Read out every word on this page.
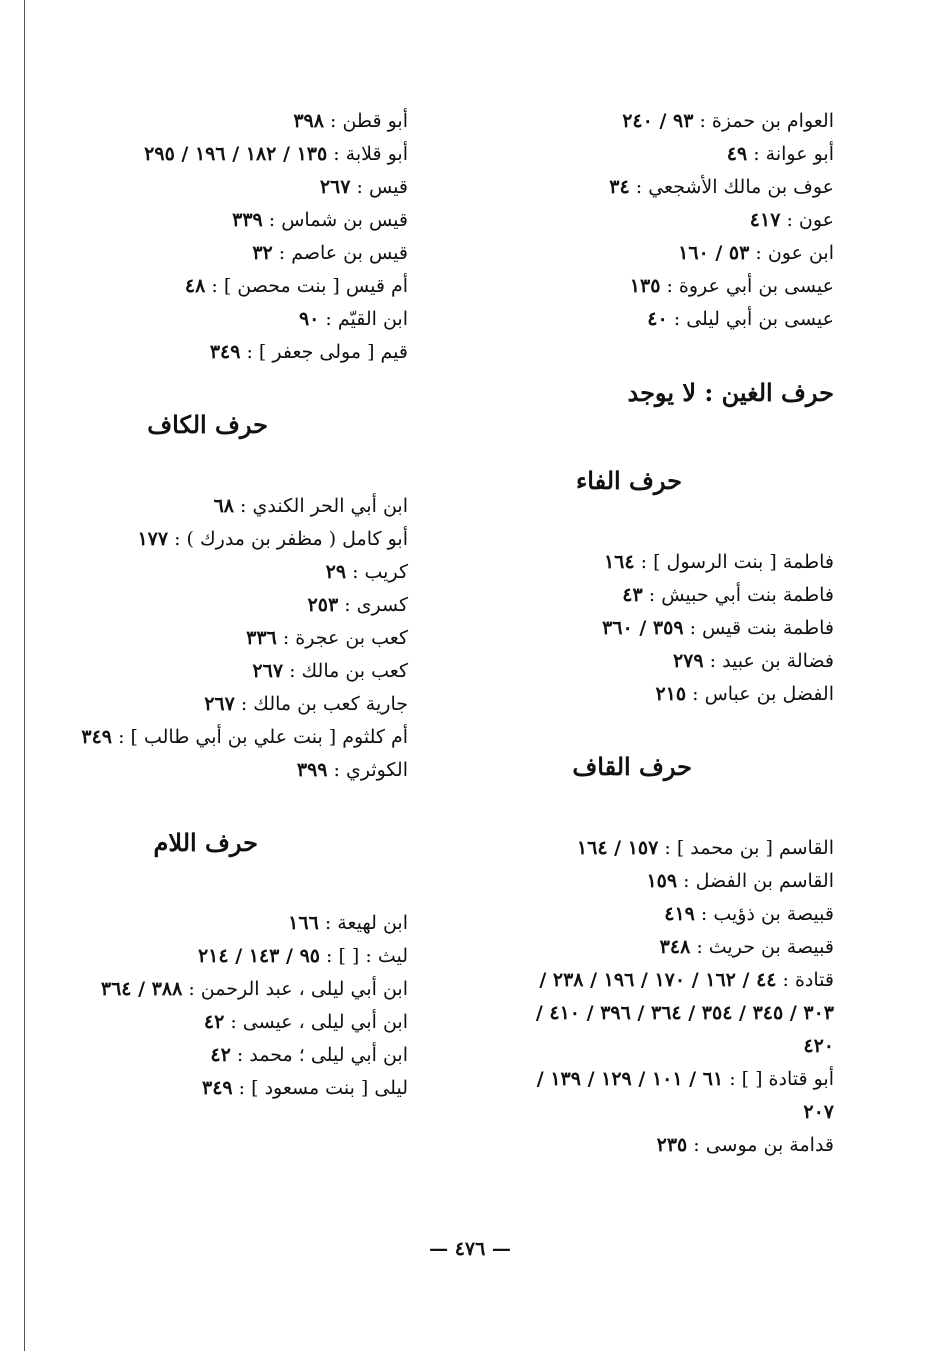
العوام بن حمزة : ٩٣ / ٢٤٠
أبو عوانة : ٤٩
عوف بن مالك الأشجعي : ٣٤
عون : ٤١٧
ابن عون : ٥٣ / ١٦٠
عيسى بن أبي عروة : ١٣٥
عيسى بن أبي ليلى : ٤٠
حرف الغين : لا يوجد
حرف الفاء
فاطمة [ بنت الرسول ] : ١٦٤
فاطمة بنت أبي حبيش : ٤٣
فاطمة بنت قيس : ٣٥٩ / ٣٦٠
فضالة بن عبيد : ٢٧٩
الفضل بن عباس : ٢١٥
حرف القاف
القاسم [ بن محمد ] : ١٥٧ / ١٦٤
القاسم بن الفضل : ١٥٩
قبيصة بن ذؤيب : ٤١٩
قبيصة بن حريث : ٣٤٨
قتادة : ٤٤ / ١٦٢ / ١٧٠ / ١٩٦ / ٢٣٨ /
٣٠٣ / ٣٤٥ / ٣٥٤ / ٣٦٤ / ٣٩٦ / ٤١٠ /
٤٢٠
أبو قتادة [ ] : ٦١ / ١٠١ / ١٢٩ / ١٣٩ /
٢٠٧
قدامة بن موسى : ٢٣٥
أبو قطن : ٣٩٨
أبو قلابة : ١٣٥ / ١٨٢ / ١٩٦ / ٢٩٥
قيس : ٢٦٧
قيس بن شماس : ٣٣٩
قيس بن عاصم : ٣٢
أم قيس [ بنت محصن ] : ٤٨
ابن القيّم : ٩٠
قيم [ مولى جعفر ] : ٣٤٩
حرف الكاف
ابن أبي الحر الكندي : ٦٨
أبو كامل ( مظفر بن مدرك ) : ١٧٧
كريب : ٢٩
كسرى : ٢٥٣
كعب بن عجرة : ٣٣٦
كعب بن مالك : ٢٦٧
جارية كعب بن مالك : ٢٦٧
أم كلثوم [ بنت علي بن أبي طالب ] : ٣٤٩
الكوثري : ٣٩٩
حرف اللام
ابن لهيعة : ١٦٦
ليث : [ ] : ٩٥ / ١٤٣ / ٢١٤
ابن أبي ليلى ، عبد الرحمن : ٣٨٨ / ٣٦٤
ابن أبي ليلى ، عيسى : ٤٢
ابن أبي ليلى ؛ محمد : ٤٢
ليلى [ بنت مسعود ] : ٣٤٩
— ٤٧٦ —
